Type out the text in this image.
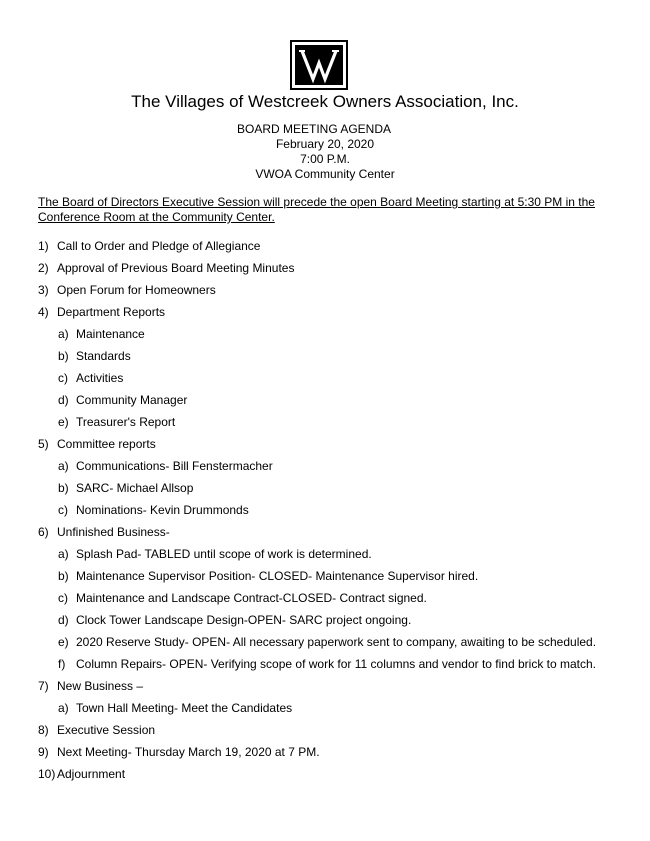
The Villages of Westcreek Owners Association, Inc.
BOARD MEETING AGENDA
February 20, 2020
7:00 P.M.
VWOA Community Center
The Board of Directors Executive Session will precede the open Board Meeting starting at 5:30 PM in the Conference Room at the Community Center.
1) Call to Order and Pledge of Allegiance
2) Approval of Previous Board Meeting Minutes
3) Open Forum for Homeowners
4) Department Reports
a) Maintenance
b) Standards
c) Activities
d) Community Manager
e) Treasurer's Report
5) Committee reports
a) Communications- Bill Fenstermacher
b) SARC- Michael Allsop
c) Nominations- Kevin Drummonds
6) Unfinished Business-
a) Splash Pad- TABLED until scope of work is determined.
b) Maintenance Supervisor Position- CLOSED- Maintenance Supervisor hired.
c) Maintenance and Landscape Contract-CLOSED- Contract signed.
d) Clock Tower Landscape Design-OPEN- SARC project ongoing.
e) 2020 Reserve Study- OPEN- All necessary paperwork sent to company, awaiting to be scheduled.
f) Column Repairs- OPEN- Verifying scope of work for 11 columns and vendor to find brick to match.
7) New Business –
a) Town Hall Meeting- Meet the Candidates
8) Executive Session
9) Next Meeting- Thursday March 19, 2020 at 7 PM.
10) Adjournment
